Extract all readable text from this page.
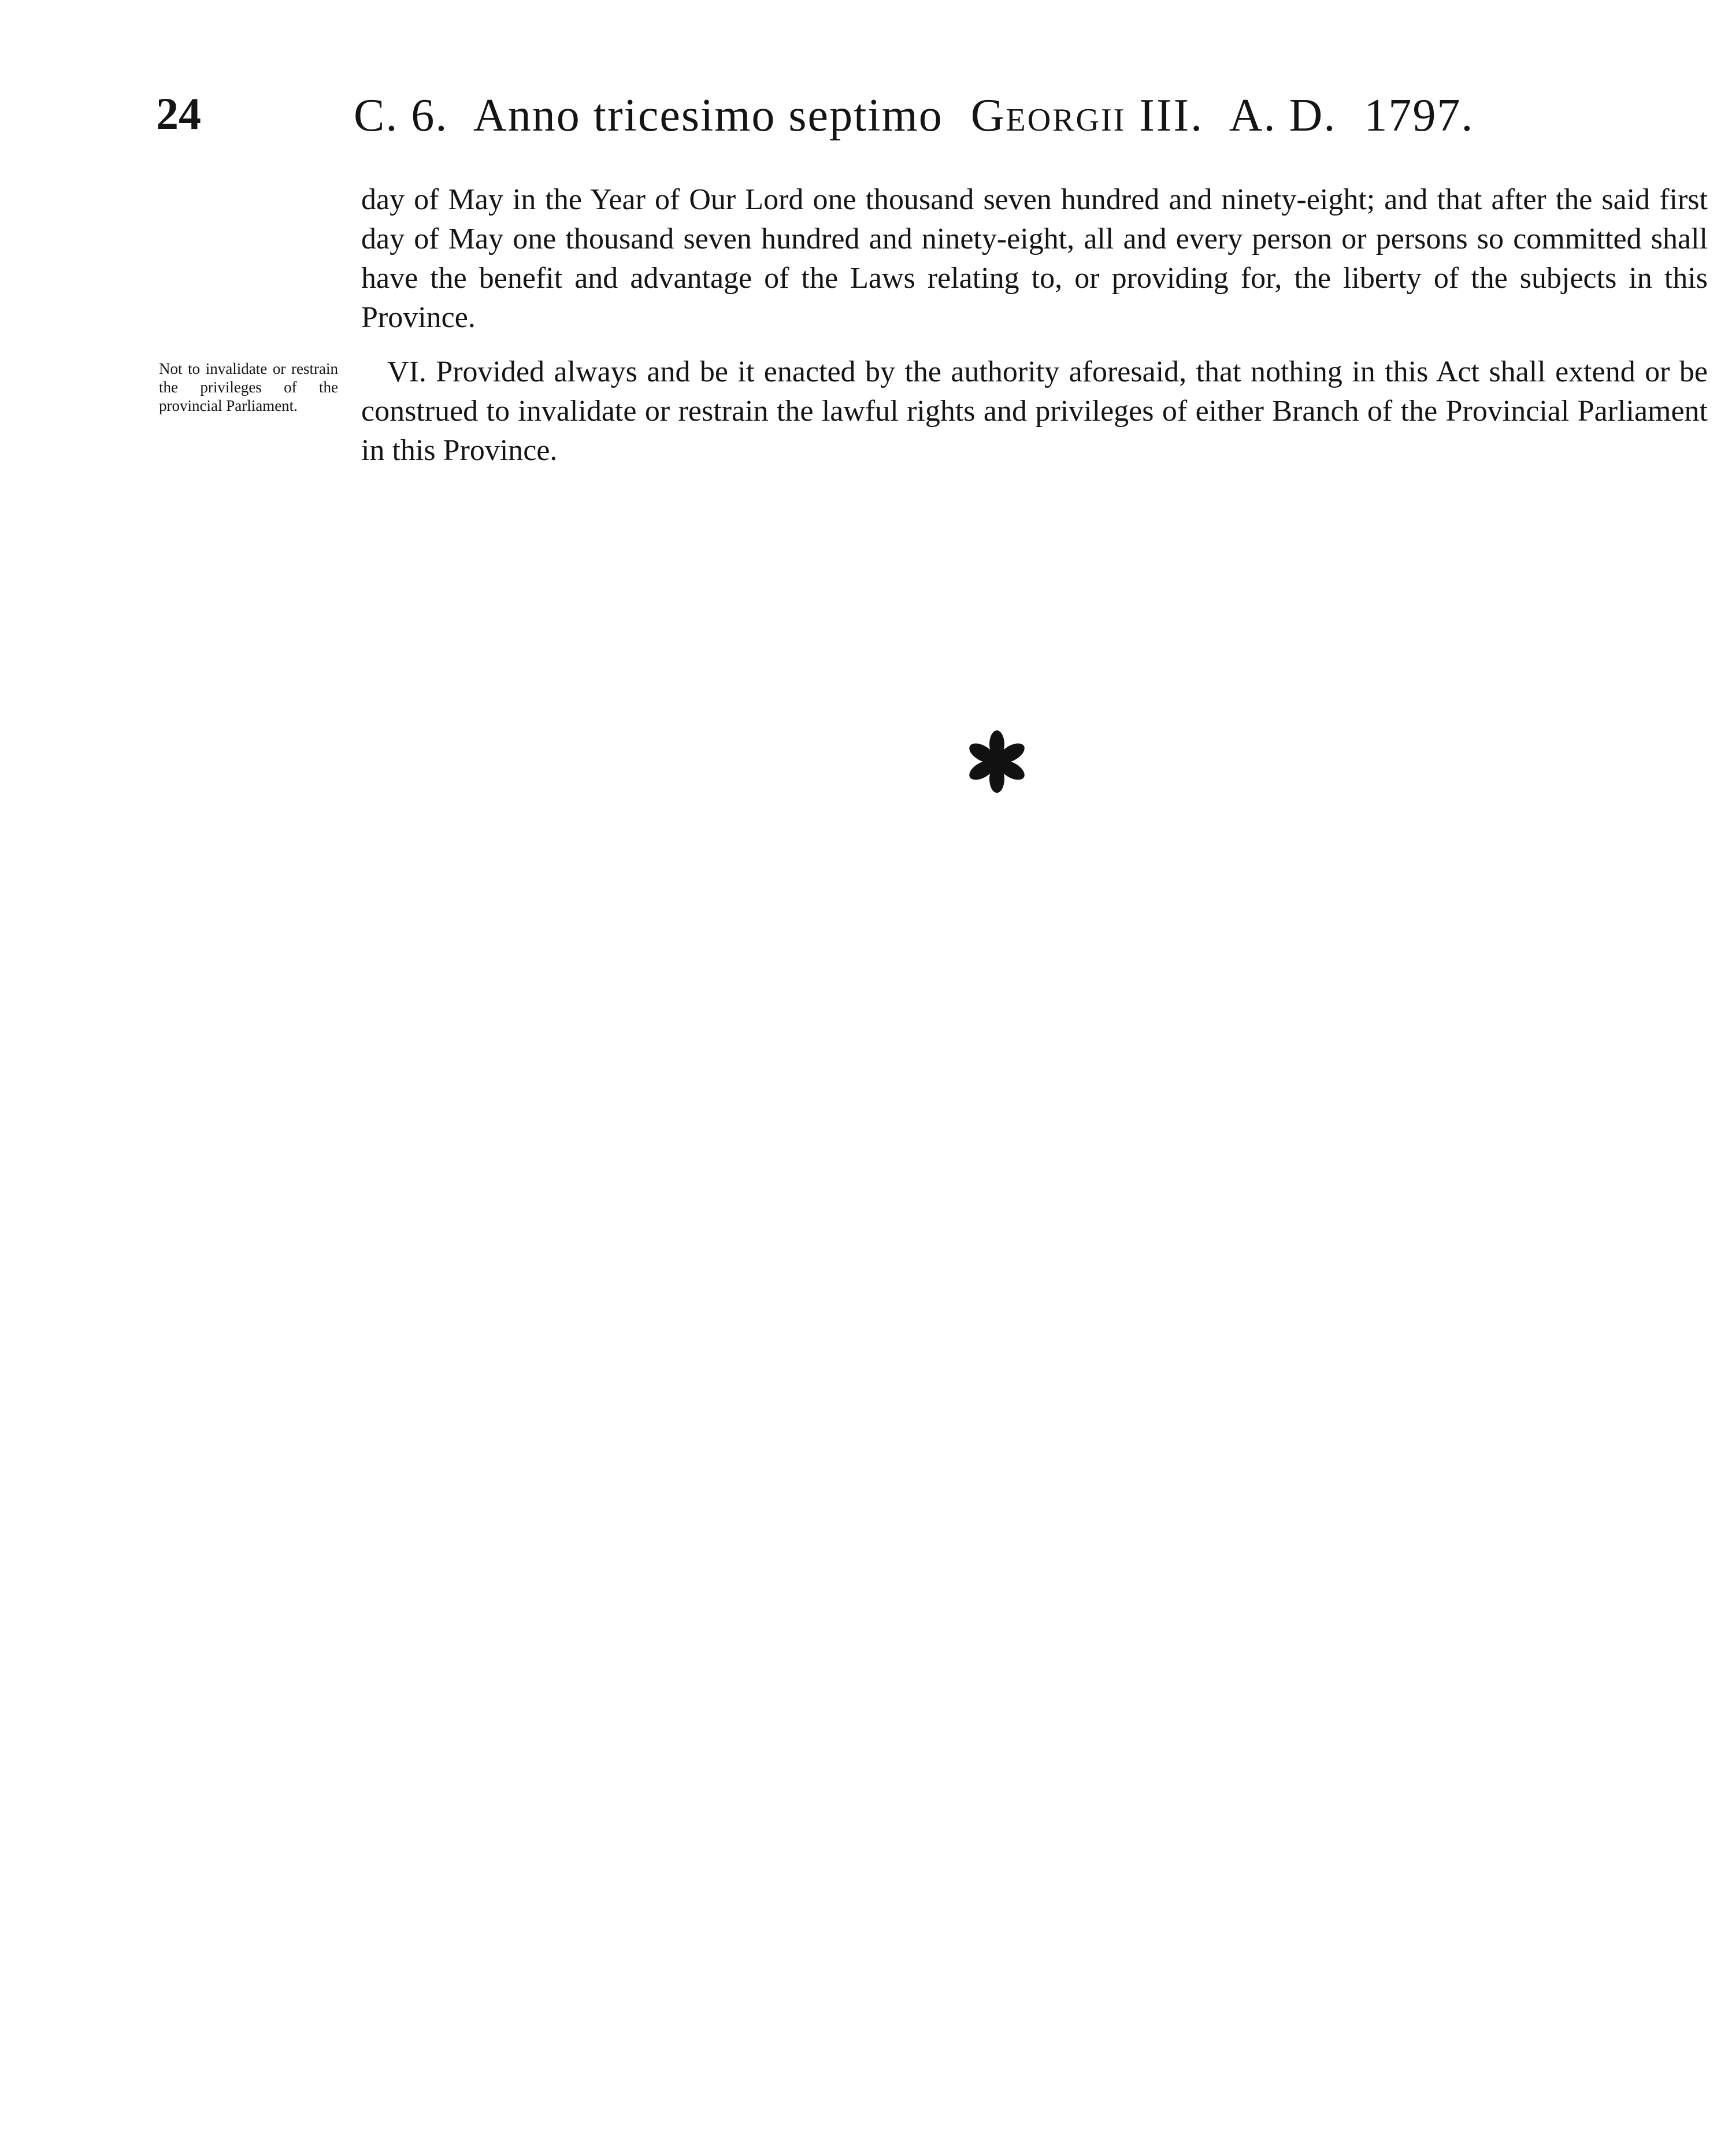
24	C. 6. Anno tricesimo septimo Georgii III. A. D. 1797.

day of May in the Year of Our Lord one thousand seven hundred and ninety-eight; and that after the said first day of May one thousand seven hundred and ninety-eight, all and every person or persons so committed shall have the benefit and advantage of the Laws relating to, or providing for, the liberty of the subjects in this Province.

Not to invalidate or restrain the privileges of the provincial Parliament.

VI. Provided always and be it enacted by the authority aforesaid, that nothing in this Act shall extend or be construed to invalidate or restrain the lawful rights and privileges of either Branch of the Provincial Parliament in this Province.
